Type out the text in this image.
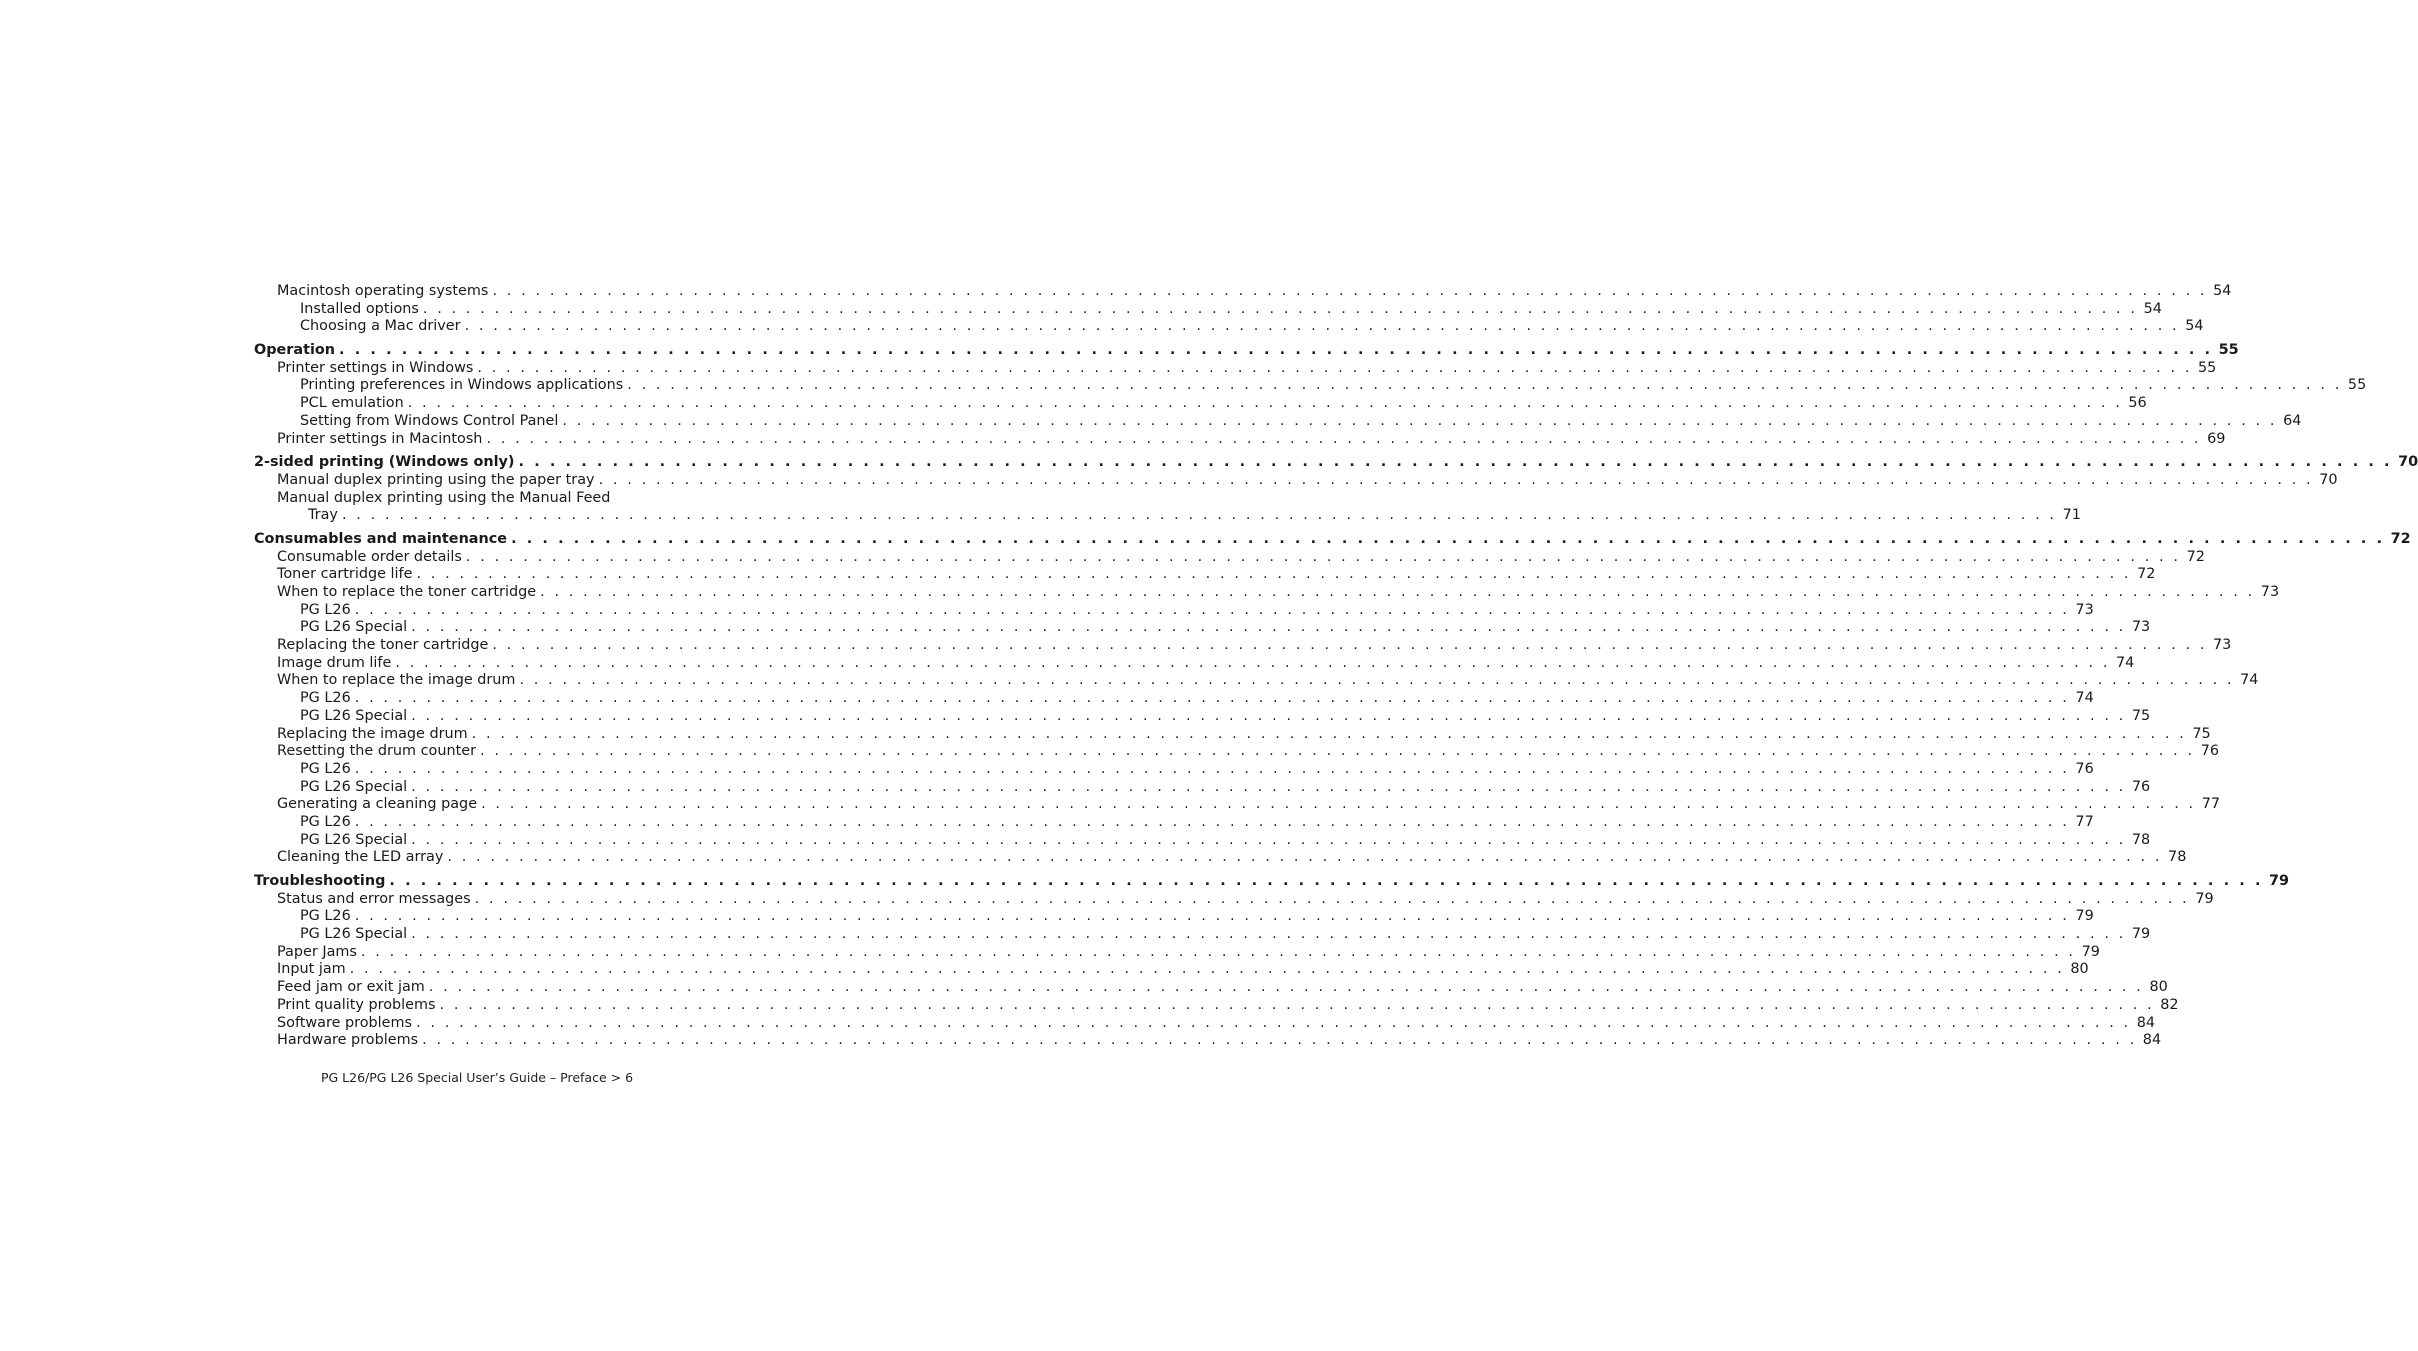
Macintosh operating systems . . . . . . . . . . . . . . . . . . . . . . . . . . . . . . . . . . . . . . . . . . . . . . . . . . . . . . . . . . . . . . . . . . . . . . . . . . . . . . . . . . . . . . . . . . . . . . . . . . . . . . . . . . . . . . . . . . . . . . . . 54
Installed options . . . . . . . . . . . . . . . . . . . . . . . . . . . . . . . . . . . . . . . . . . . . . . . . . . . . . . . . . . . . . . . . . . . . . . . . . . . . . . . . . . . . . . . . . . . . . . . . . . . . . . . . . . . . . . . . . . . . . . . . 54
Choosing a Mac driver . . . . . . . . . . . . . . . . . . . . . . . . . . . . . . . . . . . . . . . . . . . . . . . . . . . . . . . . . . . . . . . . . . . . . . . . . . . . . . . . . . . . . . . . . . . . . . . . . . . . . . . . . . . . . . . . . . . . . . . . 54
Operation . . . . . . . . . . . . . . . . . . . . . . . . . . . . . . . . . . . . . . . . . . . . . . . . . . . . . . . . . . . . . . . . . . . . . . . . . . . . . . . . . . . . . . . . . . . . . . . . . . . . . . . . . . . . . . . . . . . . . . . . 55
Printer settings in Windows . . . . . . . . . . . . . . . . . . . . . . . . . . . . . . . . . . . . . . . . . . . . . . . . . . . . . . . . . . . . . . . . . . . . . . . . . . . . . . . . . . . . . . . . . . . . . . . . . . . . . . . . . . . . . . . . . . . . . . . . 55
Printing preferences in Windows applications . . . . . . . . . . . . . . . . . . . . . . . . . . . . . . . . . . . . . . . . . . . . . . . . . . . . . . . . . . . . . . . . . . . . . . . . . . . . . . . . . . . . . . . . . . . . . . . . . . . . . . . . . . . . . . . . . . . . . . . . 55
PCL emulation . . . . . . . . . . . . . . . . . . . . . . . . . . . . . . . . . . . . . . . . . . . . . . . . . . . . . . . . . . . . . . . . . . . . . . . . . . . . . . . . . . . . . . . . . . . . . . . . . . . . . . . . . . . . . . . . . . . . . . . . 56
Setting from Windows Control Panel . . . . . . . . . . . . . . . . . . . . . . . . . . . . . . . . . . . . . . . . . . . . . . . . . . . . . . . . . . . . . . . . . . . . . . . . . . . . . . . . . . . . . . . . . . . . . . . . . . . . . . . . . . . . . . . . . . . . . . . . 64
Printer settings in Macintosh . . . . . . . . . . . . . . . . . . . . . . . . . . . . . . . . . . . . . . . . . . . . . . . . . . . . . . . . . . . . . . . . . . . . . . . . . . . . . . . . . . . . . . . . . . . . . . . . . . . . . . . . . . . . . . . . . . . . . . . . 69
2-sided printing (Windows only) . . . . . . . . . . . . . . . . . . . . . . . . . . . . . . . . . . . . . . . . . . . . . . . . . . . . . . . . . . . . . . . . . . . . . . . . . . . . . . . . . . . . . . . . . . . . . . . . . . . . . . . . . . . . . . . . . . . . . . . . 70
Manual duplex printing using the paper tray . . . . . . . . . . . . . . . . . . . . . . . . . . . . . . . . . . . . . . . . . . . . . . . . . . . . . . . . . . . . . . . . . . . . . . . . . . . . . . . . . . . . . . . . . . . . . . . . . . . . . . . . . . . . . . . . . . . . . . . . 70
Manual duplex printing using the Manual Feed
Tray . . . . . . . . . . . . . . . . . . . . . . . . . . . . . . . . . . . . . . . . . . . . . . . . . . . . . . . . . . . . . . . . . . . . . . . . . . . . . . . . . . . . . . . . . . . . . . . . . . . . . . . . . . . . . . . . . . . . . . . . 71
Consumables and maintenance . . . . . . . . . . . . . . . . . . . . . . . . . . . . . . . . . . . . . . . . . . . . . . . . . . . . . . . . . . . . . . . . . . . . . . . . . . . . . . . . . . . . . . . . . . . . . . . . . . . . . . . . . . . . . . . . . . . . . . . . 72
Consumable order details . . . . . . . . . . . . . . . . . . . . . . . . . . . . . . . . . . . . . . . . . . . . . . . . . . . . . . . . . . . . . . . . . . . . . . . . . . . . . . . . . . . . . . . . . . . . . . . . . . . . . . . . . . . . . . . . . . . . . . . . 72
Toner cartridge life . . . . . . . . . . . . . . . . . . . . . . . . . . . . . . . . . . . . . . . . . . . . . . . . . . . . . . . . . . . . . . . . . . . . . . . . . . . . . . . . . . . . . . . . . . . . . . . . . . . . . . . . . . . . . . . . . . . . . . . . 72
When to replace the toner cartridge . . . . . . . . . . . . . . . . . . . . . . . . . . . . . . . . . . . . . . . . . . . . . . . . . . . . . . . . . . . . . . . . . . . . . . . . . . . . . . . . . . . . . . . . . . . . . . . . . . . . . . . . . . . . . . . . . . . . . . . . 73
PG L26 . . . . . . . . . . . . . . . . . . . . . . . . . . . . . . . . . . . . . . . . . . . . . . . . . . . . . . . . . . . . . . . . . . . . . . . . . . . . . . . . . . . . . . . . . . . . . . . . . . . . . . . . . . . . . . . . . . . . . . . . 73
PG L26 Special . . . . . . . . . . . . . . . . . . . . . . . . . . . . . . . . . . . . . . . . . . . . . . . . . . . . . . . . . . . . . . . . . . . . . . . . . . . . . . . . . . . . . . . . . . . . . . . . . . . . . . . . . . . . . . . . . . . . . . . . 73
Replacing the toner cartridge . . . . . . . . . . . . . . . . . . . . . . . . . . . . . . . . . . . . . . . . . . . . . . . . . . . . . . . . . . . . . . . . . . . . . . . . . . . . . . . . . . . . . . . . . . . . . . . . . . . . . . . . . . . . . . . . . . . . . . . . 73
Image drum life . . . . . . . . . . . . . . . . . . . . . . . . . . . . . . . . . . . . . . . . . . . . . . . . . . . . . . . . . . . . . . . . . . . . . . . . . . . . . . . . . . . . . . . . . . . . . . . . . . . . . . . . . . . . . . . . . . . . . . . . 74
When to replace the image drum . . . . . . . . . . . . . . . . . . . . . . . . . . . . . . . . . . . . . . . . . . . . . . . . . . . . . . . . . . . . . . . . . . . . . . . . . . . . . . . . . . . . . . . . . . . . . . . . . . . . . . . . . . . . . . . . . . . . . . . . 74
PG L26 . . . . . . . . . . . . . . . . . . . . . . . . . . . . . . . . . . . . . . . . . . . . . . . . . . . . . . . . . . . . . . . . . . . . . . . . . . . . . . . . . . . . . . . . . . . . . . . . . . . . . . . . . . . . . . . . . . . . . . . . 74
PG L26 Special . . . . . . . . . . . . . . . . . . . . . . . . . . . . . . . . . . . . . . . . . . . . . . . . . . . . . . . . . . . . . . . . . . . . . . . . . . . . . . . . . . . . . . . . . . . . . . . . . . . . . . . . . . . . . . . . . . . . . . . . 75
Replacing the image drum . . . . . . . . . . . . . . . . . . . . . . . . . . . . . . . . . . . . . . . . . . . . . . . . . . . . . . . . . . . . . . . . . . . . . . . . . . . . . . . . . . . . . . . . . . . . . . . . . . . . . . . . . . . . . . . . . . . . . . . . 75
Resetting the drum counter . . . . . . . . . . . . . . . . . . . . . . . . . . . . . . . . . . . . . . . . . . . . . . . . . . . . . . . . . . . . . . . . . . . . . . . . . . . . . . . . . . . . . . . . . . . . . . . . . . . . . . . . . . . . . . . . . . . . . . . . 76
PG L26 . . . . . . . . . . . . . . . . . . . . . . . . . . . . . . . . . . . . . . . . . . . . . . . . . . . . . . . . . . . . . . . . . . . . . . . . . . . . . . . . . . . . . . . . . . . . . . . . . . . . . . . . . . . . . . . . . . . . . . . . 76
PG L26 Special . . . . . . . . . . . . . . . . . . . . . . . . . . . . . . . . . . . . . . . . . . . . . . . . . . . . . . . . . . . . . . . . . . . . . . . . . . . . . . . . . . . . . . . . . . . . . . . . . . . . . . . . . . . . . . . . . . . . . . . . 76
Generating a cleaning page . . . . . . . . . . . . . . . . . . . . . . . . . . . . . . . . . . . . . . . . . . . . . . . . . . . . . . . . . . . . . . . . . . . . . . . . . . . . . . . . . . . . . . . . . . . . . . . . . . . . . . . . . . . . . . . . . . . . . . . . 77
PG L26 . . . . . . . . . . . . . . . . . . . . . . . . . . . . . . . . . . . . . . . . . . . . . . . . . . . . . . . . . . . . . . . . . . . . . . . . . . . . . . . . . . . . . . . . . . . . . . . . . . . . . . . . . . . . . . . . . . . . . . . . 77
PG L26 Special . . . . . . . . . . . . . . . . . . . . . . . . . . . . . . . . . . . . . . . . . . . . . . . . . . . . . . . . . . . . . . . . . . . . . . . . . . . . . . . . . . . . . . . . . . . . . . . . . . . . . . . . . . . . . . . . . . . . . . . . 78
Cleaning the LED array . . . . . . . . . . . . . . . . . . . . . . . . . . . . . . . . . . . . . . . . . . . . . . . . . . . . . . . . . . . . . . . . . . . . . . . . . . . . . . . . . . . . . . . . . . . . . . . . . . . . . . . . . . . . . . . . . . . . . . . . 78
Troubleshooting . . . . . . . . . . . . . . . . . . . . . . . . . . . . . . . . . . . . . . . . . . . . . . . . . . . . . . . . . . . . . . . . . . . . . . . . . . . . . . . . . . . . . . . . . . . . . . . . . . . . . . . . . . . . . . . . . . . . . . . . 79
Status and error messages . . . . . . . . . . . . . . . . . . . . . . . . . . . . . . . . . . . . . . . . . . . . . . . . . . . . . . . . . . . . . . . . . . . . . . . . . . . . . . . . . . . . . . . . . . . . . . . . . . . . . . . . . . . . . . . . . . . . . . . . 79
PG L26 . . . . . . . . . . . . . . . . . . . . . . . . . . . . . . . . . . . . . . . . . . . . . . . . . . . . . . . . . . . . . . . . . . . . . . . . . . . . . . . . . . . . . . . . . . . . . . . . . . . . . . . . . . . . . . . . . . . . . . . . 79
PG L26 Special . . . . . . . . . . . . . . . . . . . . . . . . . . . . . . . . . . . . . . . . . . . . . . . . . . . . . . . . . . . . . . . . . . . . . . . . . . . . . . . . . . . . . . . . . . . . . . . . . . . . . . . . . . . . . . . . . . . . . . . . 79
Paper Jams . . . . . . . . . . . . . . . . . . . . . . . . . . . . . . . . . . . . . . . . . . . . . . . . . . . . . . . . . . . . . . . . . . . . . . . . . . . . . . . . . . . . . . . . . . . . . . . . . . . . . . . . . . . . . . . . . . . . . . . . 79
Input jam . . . . . . . . . . . . . . . . . . . . . . . . . . . . . . . . . . . . . . . . . . . . . . . . . . . . . . . . . . . . . . . . . . . . . . . . . . . . . . . . . . . . . . . . . . . . . . . . . . . . . . . . . . . . . . . . . . . . . . . . 80
Feed jam or exit jam . . . . . . . . . . . . . . . . . . . . . . . . . . . . . . . . . . . . . . . . . . . . . . . . . . . . . . . . . . . . . . . . . . . . . . . . . . . . . . . . . . . . . . . . . . . . . . . . . . . . . . . . . . . . . . . . . . . . . . . . 80
Print quality problems . . . . . . . . . . . . . . . . . . . . . . . . . . . . . . . . . . . . . . . . . . . . . . . . . . . . . . . . . . . . . . . . . . . . . . . . . . . . . . . . . . . . . . . . . . . . . . . . . . . . . . . . . . . . . . . . . . . . . . . . 82
Software problems . . . . . . . . . . . . . . . . . . . . . . . . . . . . . . . . . . . . . . . . . . . . . . . . . . . . . . . . . . . . . . . . . . . . . . . . . . . . . . . . . . . . . . . . . . . . . . . . . . . . . . . . . . . . . . . . . . . . . . . . 84
Hardware problems . . . . . . . . . . . . . . . . . . . . . . . . . . . . . . . . . . . . . . . . . . . . . . . . . . . . . . . . . . . . . . . . . . . . . . . . . . . . . . . . . . . . . . . . . . . . . . . . . . . . . . . . . . . . . . . . . . . . . . . . 84
PG L26/PG L26 Special User’s Guide – Preface > 6
